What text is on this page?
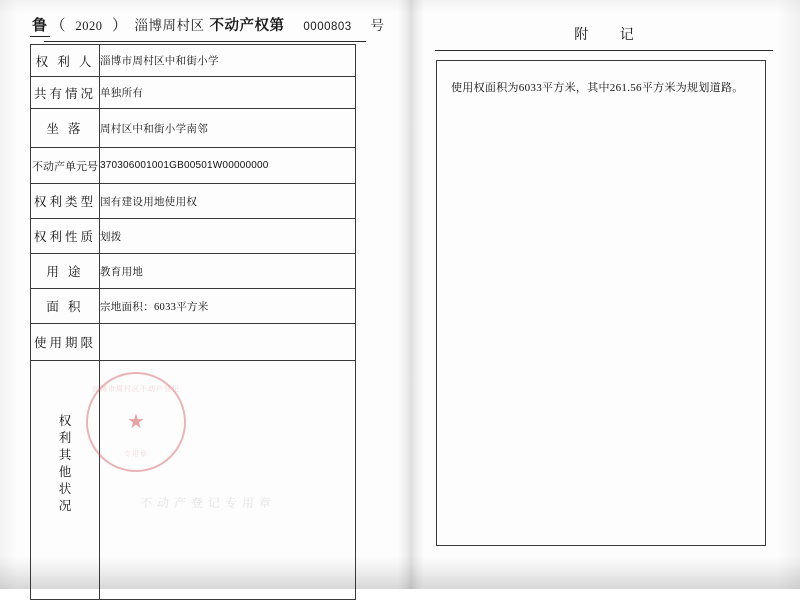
鲁 （ 2020 ） 淄博周村区 不动产权第 0000803 号
权 利 人	淄博市周村区中和街小学
共有情况	单独所有
坐 落	周村区中和街小学南邻
不动产单元号	370306001001GB00501W00000000
权利类型	国有建设用地使用权
权利性质	划拨
用 途	教育用地
面 积	宗地面积：6033平方米
使用期限	

权利其他状况	

淄博市周村区不动产登记
★
专用章
不动产登记专用章
附 记
使用权面积为6033平方米，其中261.56平方米为规划道路。
